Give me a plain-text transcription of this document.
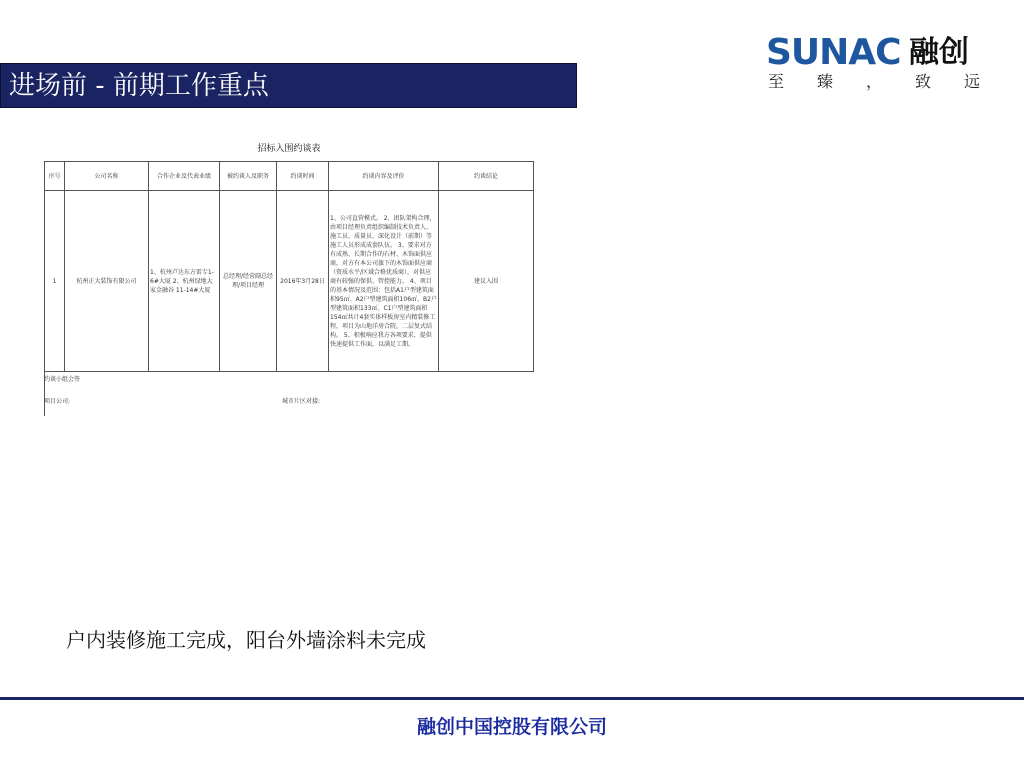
进场前 - 前期工作重点
SUNAC 融创
至 臻 ， 致 远
招标入围约谈表						
序号	公司名称	合作企业及代表业绩	被约谈人及职务	约谈时间	约谈内容及评价	约谈结论
1	杭州正大装饰有限公司	1、杭州卢达东方雷专1-6#大厦 2、杭州绿地大家金融谷 11-14#大厦	总经理/经营副总经理/项目经理	2016年3月28日	1、公司直营模式。 2、团队架构合理，由项目经理负责组织编制技术负责人、施工员、质量员、深化设计（前期）等施工人员形成成套队伍。 3、要求对方有成熟、长期合作的石材、木饰面供应商，对方有本公司旗下的木饰面供应商（资质水平/区域合格优质商），对供应商有较强的保供、管控能力。 4、项目的基本情况及范围：包括A1户型建筑面积95㎡、A2户型建筑面积106㎡、B2户型建筑面积133㎡、C1户型建筑面积154㎡共计4套实体样板房室内精装修工程，项目为山地洋房合院，二层复式结构。 5、积极响应我方各项要求，提供快速提供工作面，以满足工期。	建议入围
约谈小组会签
项目公司:	城市片区对接:
户内装修施工完成，阳台外墙涂料未完成
融创中国控股有限公司
